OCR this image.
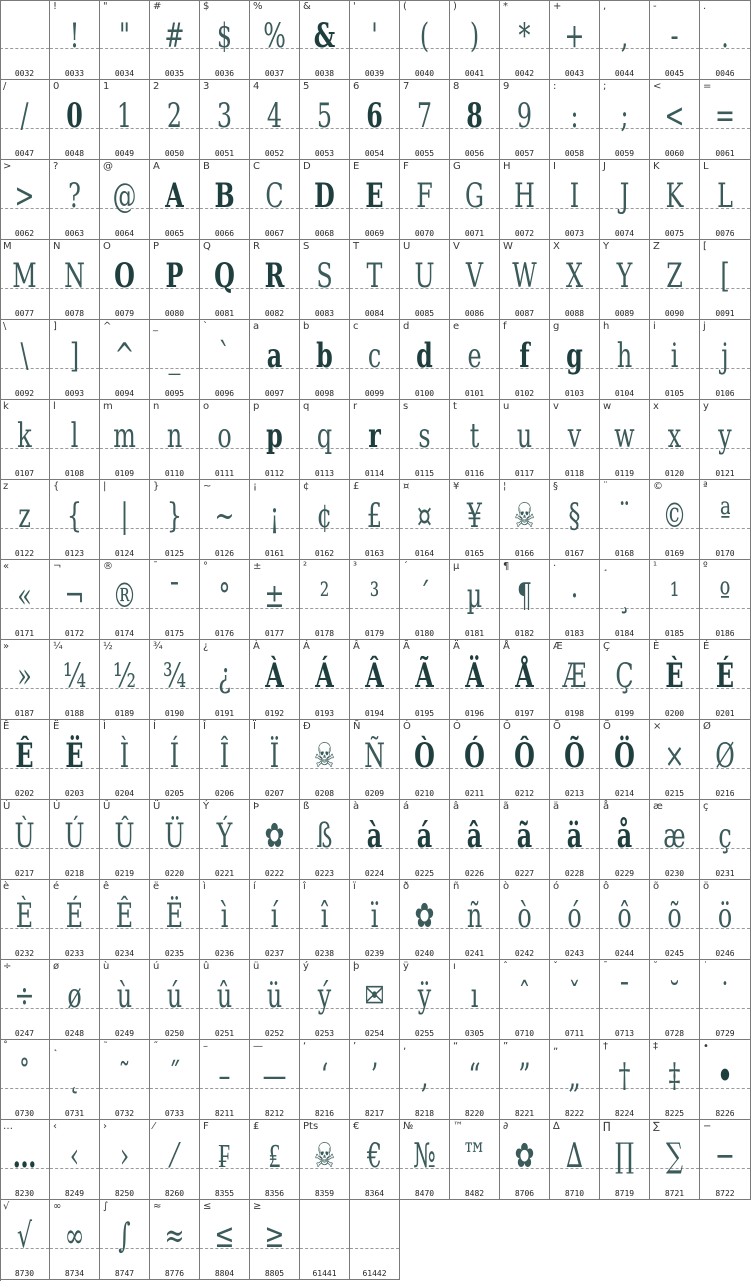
0032
!
!
0033
"
"
0034
#
#
0035
$
$
0036
%
%
0037
&
&
0038
'
'
0039
(
(
0040
)
)
0041
*
*
0042
+
+
0043
,
,
0044
-
-
0045
.
.
0046
/
/
0047
0
0
0048
1
1
0049
2
2
0050
3
3
0051
4
4
0052
5
5
0053
6
6
0054
7
7
0055
8
8
0056
9
9
0057
:
:
0058
;
;
0059
<
<
0060
=
=
0061
>
>
0062
?
?
0063
@
@
0064
A
A
0065
B
B
0066
C
C
0067
D
D
0068
E
E
0069
F
F
0070
G
G
0071
H
H
0072
I
I
0073
J
J
0074
K
K
0075
L
L
0076
M
M
0077
N
N
0078
O
O
0079
P
P
0080
Q
Q
0081
R
R
0082
S
S
0083
T
T
0084
U
U
0085
V
V
0086
W
W
0087
X
X
0088
Y
Y
0089
Z
Z
0090
[
[
0091
\
\
0092
]
]
0093
^
^
0094
_
_
0095
`
`
0096
a
a
0097
b
b
0098
c
c
0099
d
d
0100
e
e
0101
f
f
0102
g
g
0103
h
h
0104
i
i
0105
j
j
0106
k
k
0107
l
l
0108
m
m
0109
n
n
0110
o
o
0111
p
p
0112
q
q
0113
r
r
0114
s
s
0115
t
t
0116
u
u
0117
v
v
0118
w
w
0119
x
x
0120
y
y
0121
z
z
0122
{
{
0123
|
|
0124
}
}
0125
~
~
0126
¡
¡
0161
¢
¢
0162
£
£
0163
¤
¤
0164
¥
¥
0165
¦
☠
0166
§
§
0167
¨
¨
0168
©
©
0169
ª
ª
0170
«
«
0171
¬
¬
0172
®
®
0174
¯
¯
0175
°
°
0176
±
±
0177
²
²
0178
³
³
0179
´
´
0180
µ
µ
0181
¶
¶
0182
·
·
0183
¸
¸
0184
¹
¹
0185
º
º
0186
»
»
0187
¼
¼
0188
½
½
0189
¾
¾
0190
¿
¿
0191
À
À
0192
Á
Á
0193
Â
Â
0194
Ã
Ã
0195
Ä
Ä
0196
Å
Å
0197
Æ
Æ
0198
Ç
Ç
0199
È
È
0200
É
É
0201
Ê
Ê
0202
Ë
Ë
0203
Ì
Ì
0204
Í
Í
0205
Î
Î
0206
Ï
Ï
0207
Ð
☠
0208
Ñ
Ñ
0209
Ò
Ò
0210
Ó
Ó
0211
Ô
Ô
0212
Õ
Õ
0213
Ö
Ö
0214
×
×
0215
Ø
Ø
0216
Ù
Ù
0217
Ú
Ú
0218
Û
Û
0219
Ü
Ü
0220
Ý
Ý
0221
Þ
✿
0222
ß
ß
0223
à
à
0224
á
á
0225
â
â
0226
ã
ã
0227
ä
ä
0228
å
å
0229
æ
æ
0230
ç
ç
0231
è
È
0232
é
É
0233
ê
Ê
0234
ë
Ë
0235
ì
ì
0236
í
í
0237
î
î
0238
ï
ï
0239
ð
✿
0240
ñ
ñ
0241
ò
ò
0242
ó
ó
0243
ô
ô
0244
õ
õ
0245
ö
ö
0246
÷
÷
0247
ø
ø
0248
ù
ù
0249
ú
ú
0250
û
û
0251
ü
ü
0252
ý
ý
0253
þ
✉
0254
ÿ
ÿ
0255
ı
ı
0305
ˆ
ˆ
0710
ˇ
ˇ
0711
ˉ
ˉ
0713
˘
˘
0728
˙
˙
0729
˚
˚
0730
˛
˛
0731
˜
˜
0732
˝
˝
0733
–
–
8211
—
—
8212
‘
‘
8216
’
’
8217
‚
‚
8218
“
“
8220
”
”
8221
„
„
8222
†
†
8224
‡
‡
8225
•
•
8226
…
…
8230
‹
‹
8249
›
›
8250
⁄
⁄
8260
F
₣
8355
₤
₤
8356
Pts
☠
8359
€
€
8364
№
№
8470
™
™
8482
∂
✿
8706
∆
∆
8710
∏
∏
8719
∑
∑
8721
−
−
8722
√
√
8730
∞
∞
8734
∫
∫
8747
≈
≈
8776
≤
≤
8804
≥
≥
8805	61441	61442
